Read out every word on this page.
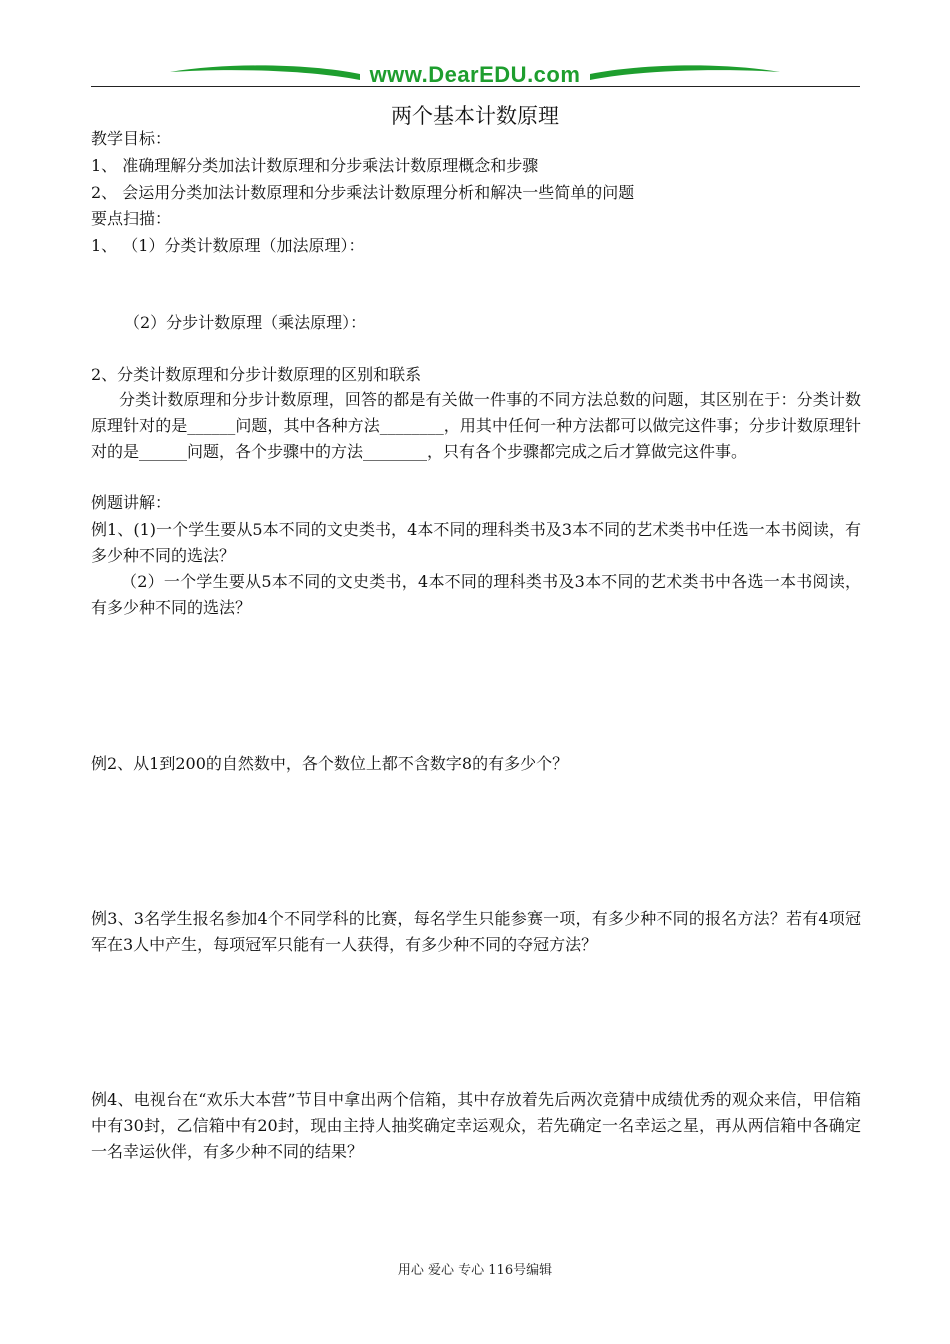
www.DearEDU.com
两个基本计数原理
教学目标：
1、 准确理解分类加法计数原理和分步乘法计数原理概念和步骤
2、 会运用分类加法计数原理和分步乘法计数原理分析和解决一些简单的问题
要点扫描：
1、 （1）分类计数原理（加法原理）：
（2）分步计数原理（乘法原理）：
2、分类计数原理和分步计数原理的区别和联系
分类计数原理和分步计数原理，回答的都是有关做一件事的不同方法总数的问题，其区别在于：分类计数原理针对的是______问题，其中各种方法________，用其中任何一种方法都可以做完这件事；分步计数原理针对的是______问题，各个步骤中的方法________，只有各个步骤都完成之后才算做完这件事。
例题讲解：
例1、(1)一个学生要从5本不同的文史类书，4本不同的理科类书及3本不同的艺术类书中任选一本书阅读，有多少种不同的选法？
（2）一个学生要从5本不同的文史类书，4本不同的理科类书及3本不同的艺术类书中各选一本书阅读，有多少种不同的选法？
例2、从1到200的自然数中，各个数位上都不含数字8的有多少个？
例3、3名学生报名参加4个不同学科的比赛，每名学生只能参赛一项，有多少种不同的报名方法？若有4项冠军在3人中产生，每项冠军只能有一人获得，有多少种不同的夺冠方法？
例4、电视台在“欢乐大本营”节目中拿出两个信箱，其中存放着先后两次竞猜中成绩优秀的观众来信，甲信箱中有30封，乙信箱中有20封，现由主持人抽奖确定幸运观众，若先确定一名幸运之星，再从两信箱中各确定一名幸运伙伴，有多少种不同的结果？
用心 爱心 专心 116号编辑
